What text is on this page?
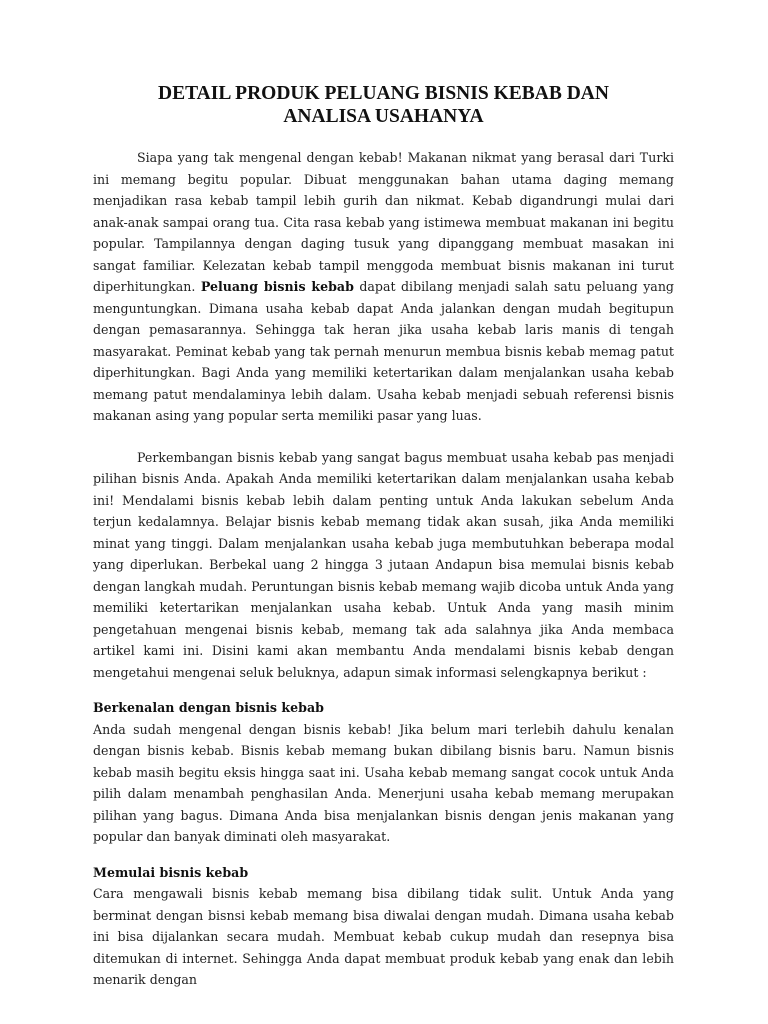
DETAIL PRODUK PELUANG BISNIS KEBAB DAN
ANALISA USAHANYA

Siapa yang tak mengenal dengan kebab! Makanan nikmat yang berasal dari Turki ini memang begitu popular. Dibuat menggunakan bahan utama daging memang menjadikan rasa kebab tampil lebih gurih dan nikmat. Kebab digandrungi mulai dari anak-anak sampai orang tua. Cita rasa kebab yang istimewa membuat makanan ini begitu popular. Tampilannya dengan daging tusuk yang dipanggang membuat masakan ini sangat familiar. Kelezatan kebab tampil menggoda membuat bisnis makanan ini turut diperhitungkan. Peluang bisnis kebab dapat dibilang menjadi salah satu peluang yang menguntungkan. Dimana usaha kebab dapat Anda jalankan dengan mudah begitupun dengan pemasarannya. Sehingga tak heran jika usaha kebab laris manis di tengah masyarakat. Peminat kebab yang tak pernah menurun membua bisnis kebab memag patut diperhitungkan. Bagi Anda yang memiliki ketertarikan dalam menjalankan usaha kebab memang patut mendalaminya lebih dalam. Usaha kebab menjadi sebuah referensi bisnis makanan asing yang popular serta memiliki pasar yang luas.

Perkembangan bisnis kebab yang sangat bagus membuat usaha kebab pas menjadi pilihan bisnis Anda. Apakah Anda memiliki ketertarikan dalam menjalankan usaha kebab ini! Mendalami bisnis kebab lebih dalam penting untuk Anda lakukan sebelum Anda terjun kedalamnya. Belajar bisnis kebab memang tidak akan susah, jika Anda memiliki minat yang tinggi. Dalam menjalankan usaha kebab juga membutuhkan beberapa modal yang diperlukan. Berbekal uang 2 hingga 3 jutaan Andapun bisa memulai bisnis kebab dengan langkah mudah. Peruntungan bisnis kebab memang wajib dicoba untuk Anda yang memiliki ketertarikan menjalankan usaha kebab. Untuk Anda yang masih minim pengetahuan mengenai bisnis kebab, memang tak ada salahnya jika Anda membaca artikel kami ini. Disini kami akan membantu Anda mendalami bisnis kebab dengan mengetahui mengenai seluk beluknya, adapun simak informasi selengkapnya berikut :

Berkenalan dengan bisnis kebab

Anda sudah mengenal dengan bisnis kebab! Jika belum mari terlebih dahulu kenalan dengan bisnis kebab. Bisnis kebab memang bukan dibilang bisnis baru. Namun bisnis kebab masih begitu eksis hingga saat ini. Usaha kebab memang sangat cocok untuk Anda pilih dalam menambah penghasilan Anda. Menerjuni usaha kebab memang merupakan pilihan yang bagus. Dimana Anda bisa menjalankan bisnis dengan jenis makanan yang popular dan banyak diminati oleh masyarakat.

Memulai bisnis kebab

Cara mengawali bisnis kebab memang bisa dibilang tidak sulit. Untuk Anda yang berminat dengan bisnsi kebab memang bisa diwalai dengan mudah. Dimana usaha kebab ini bisa dijalankan secara mudah. Membuat kebab cukup mudah dan resepnya bisa ditemukan di internet. Sehingga Anda dapat membuat produk kebab yang enak dan lebih menarik dengan
